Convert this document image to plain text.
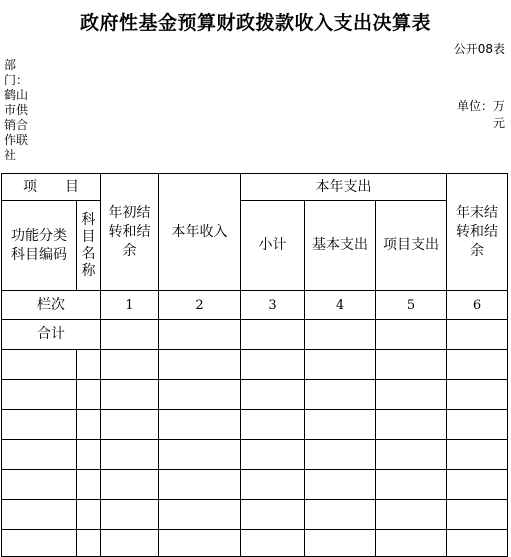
政府性基金预算财政拨款收入支出决算表
公开08表
部门：鹤山市供销合作联社
单位：万元
项　　目		年初结转和结余	本年收入	本年支出			年末结转和结余

功能分类科目编码	科目名称			小计	基本支出	项目支出	

栏次		1	2	3	4	5	6
合计							
